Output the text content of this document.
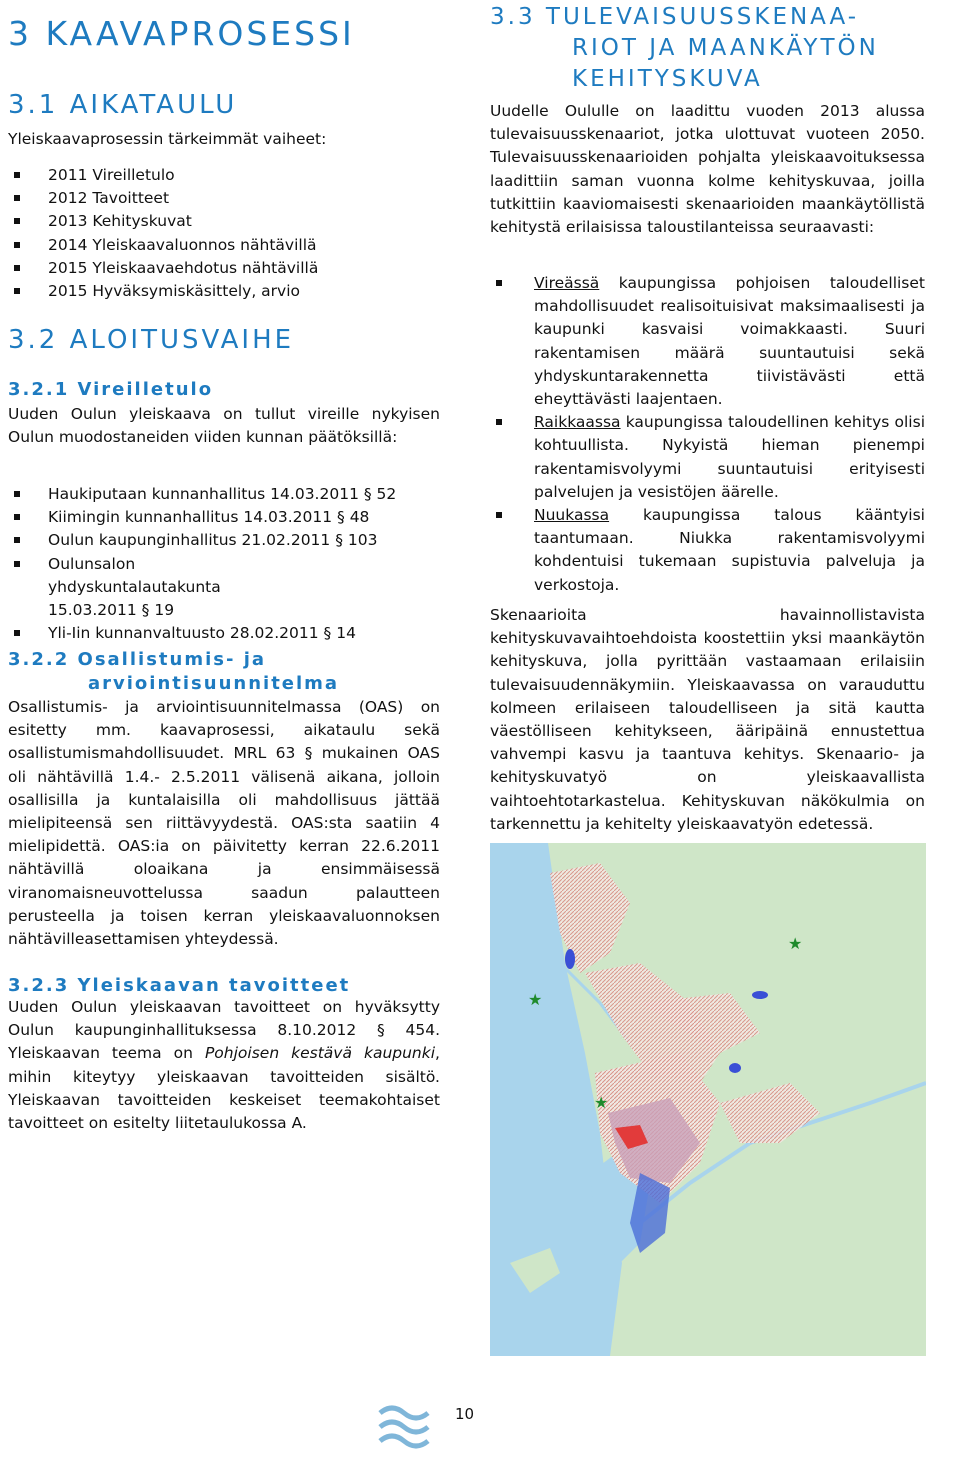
3 KAAVAPROSESSI
3.1 AIKATAULU
Yleiskaavaprosessin tärkeimmät vaiheet:
2011 Vireilletulo
2012 Tavoitteet
2013 Kehityskuvat
2014 Yleiskaavaluonnos nähtävillä
2015 Yleiskaavaehdotus nähtävillä
2015 Hyväksymiskäsittely, arvio
3.2 ALOITUSVAIHE
3.2.1 Vireilletulo
Uuden Oulun yleiskaava on tullut vireille nykyisen Oulun muodostaneiden viiden kunnan päätöksillä:
Haukiputaan kunnanhallitus 14.03.2011 § 52
Kiimingin kunnanhallitus 14.03.2011 § 48
Oulun kaupunginhallitus 21.02.2011 § 103
Oulunsalon yhdyskuntalautakunta 15.03.2011 § 19
Yli-Iin kunnanvaltuusto 28.02.2011 § 14
3.2.2 Osallistumis- ja
arviointisuunnitelma
Osallistumis- ja arviointisuunnitelmassa (OAS) on esitetty mm. kaavaprosessi, aikataulu sekä osallistumismahdollisuudet. MRL 63 § mukainen OAS oli nähtävillä 1.4.- 2.5.2011 välisenä aikana, jolloin osallisilla ja kuntalaisilla oli mahdollisuus jättää mielipiteensä sen riittävyydestä. OAS:sta saatiin 4 mielipidettä. OAS:ia on päivitetty kerran 22.6.2011 nähtävillä oloaikana ja ensimmäisessä viranomaisneuvottelussa saadun palautteen perusteella ja toisen kerran yleiskaavaluonnoksen nähtävilleasettamisen yhteydessä.
3.2.3 Yleiskaavan tavoitteet
Uuden Oulun yleiskaavan tavoitteet on hyväksytty Oulun kaupunginhallituksessa 8.10.2012 § 454. Yleiskaavan teema on Pohjoisen kestävä kaupunki, mihin kiteytyy yleiskaavan tavoitteiden sisältö. Yleiskaavan tavoitteiden keskeiset teemakohtaiset tavoitteet on esitelty liitetaulukossa A.
3.3 TULEVAISUUSSKENAA-
RIOT JA MAANKÄYTÖN
KEHITYSKUVA
Uudelle Oululle on laadittu vuoden 2013 alussa tulevaisuusskenaariot, jotka ulottuvat vuoteen 2050. Tulevaisuusskenaarioiden pohjalta yleiskaavoituksessa laadittiin saman vuonna kolme kehityskuvaa, joilla tutkittiin kaaviomaisesti skenaarioiden maankäytöllistä kehitystä erilaisissa taloustilanteissa seuraavasti:
Vireässä kaupungissa pohjoisen taloudelliset mahdollisuudet realisoituisivat maksimaalisesti ja kaupunki kasvaisi voimakkaasti. Suuri rakentamisen määrä suuntautuisi sekä yhdyskuntarakennetta tiivistävästi että eheyttävästi laajentaen.
Raikkaassa kaupungissa taloudellinen kehitys olisi kohtuullista. Nykyistä hieman pienempi rakentamisvolyymi suuntautuisi erityisesti palvelujen ja vesistöjen äärelle.
Nuukassa kaupungissa talous kääntyisi taantumaan. Niukka rakentamisvolyymi kohdentuisi tukemaan supistuvia palveluja ja verkostoja.
Skenaarioita havainnollistavista kehityskuvavaihtoehdoista koostettiin yksi maankäytön kehityskuva, jolla pyrittään vastaamaan erilaisiin tulevaisuudennäkymiin. Yleiskaavassa on varauduttu kolmeen erilaiseen taloudelliseen ja sitä kautta väestölliseen kehitykseen, ääripäinä ennustettua vahvempi kasvu ja taantuva kehitys. Skenaario- ja kehityskuvatyö on yleiskaavallista vaihtoehtotarkastelua. Kehityskuvan näkökulmia on tarkennettu ja kehitelty yleiskaavatyön edetessä.
★
★
★
10
